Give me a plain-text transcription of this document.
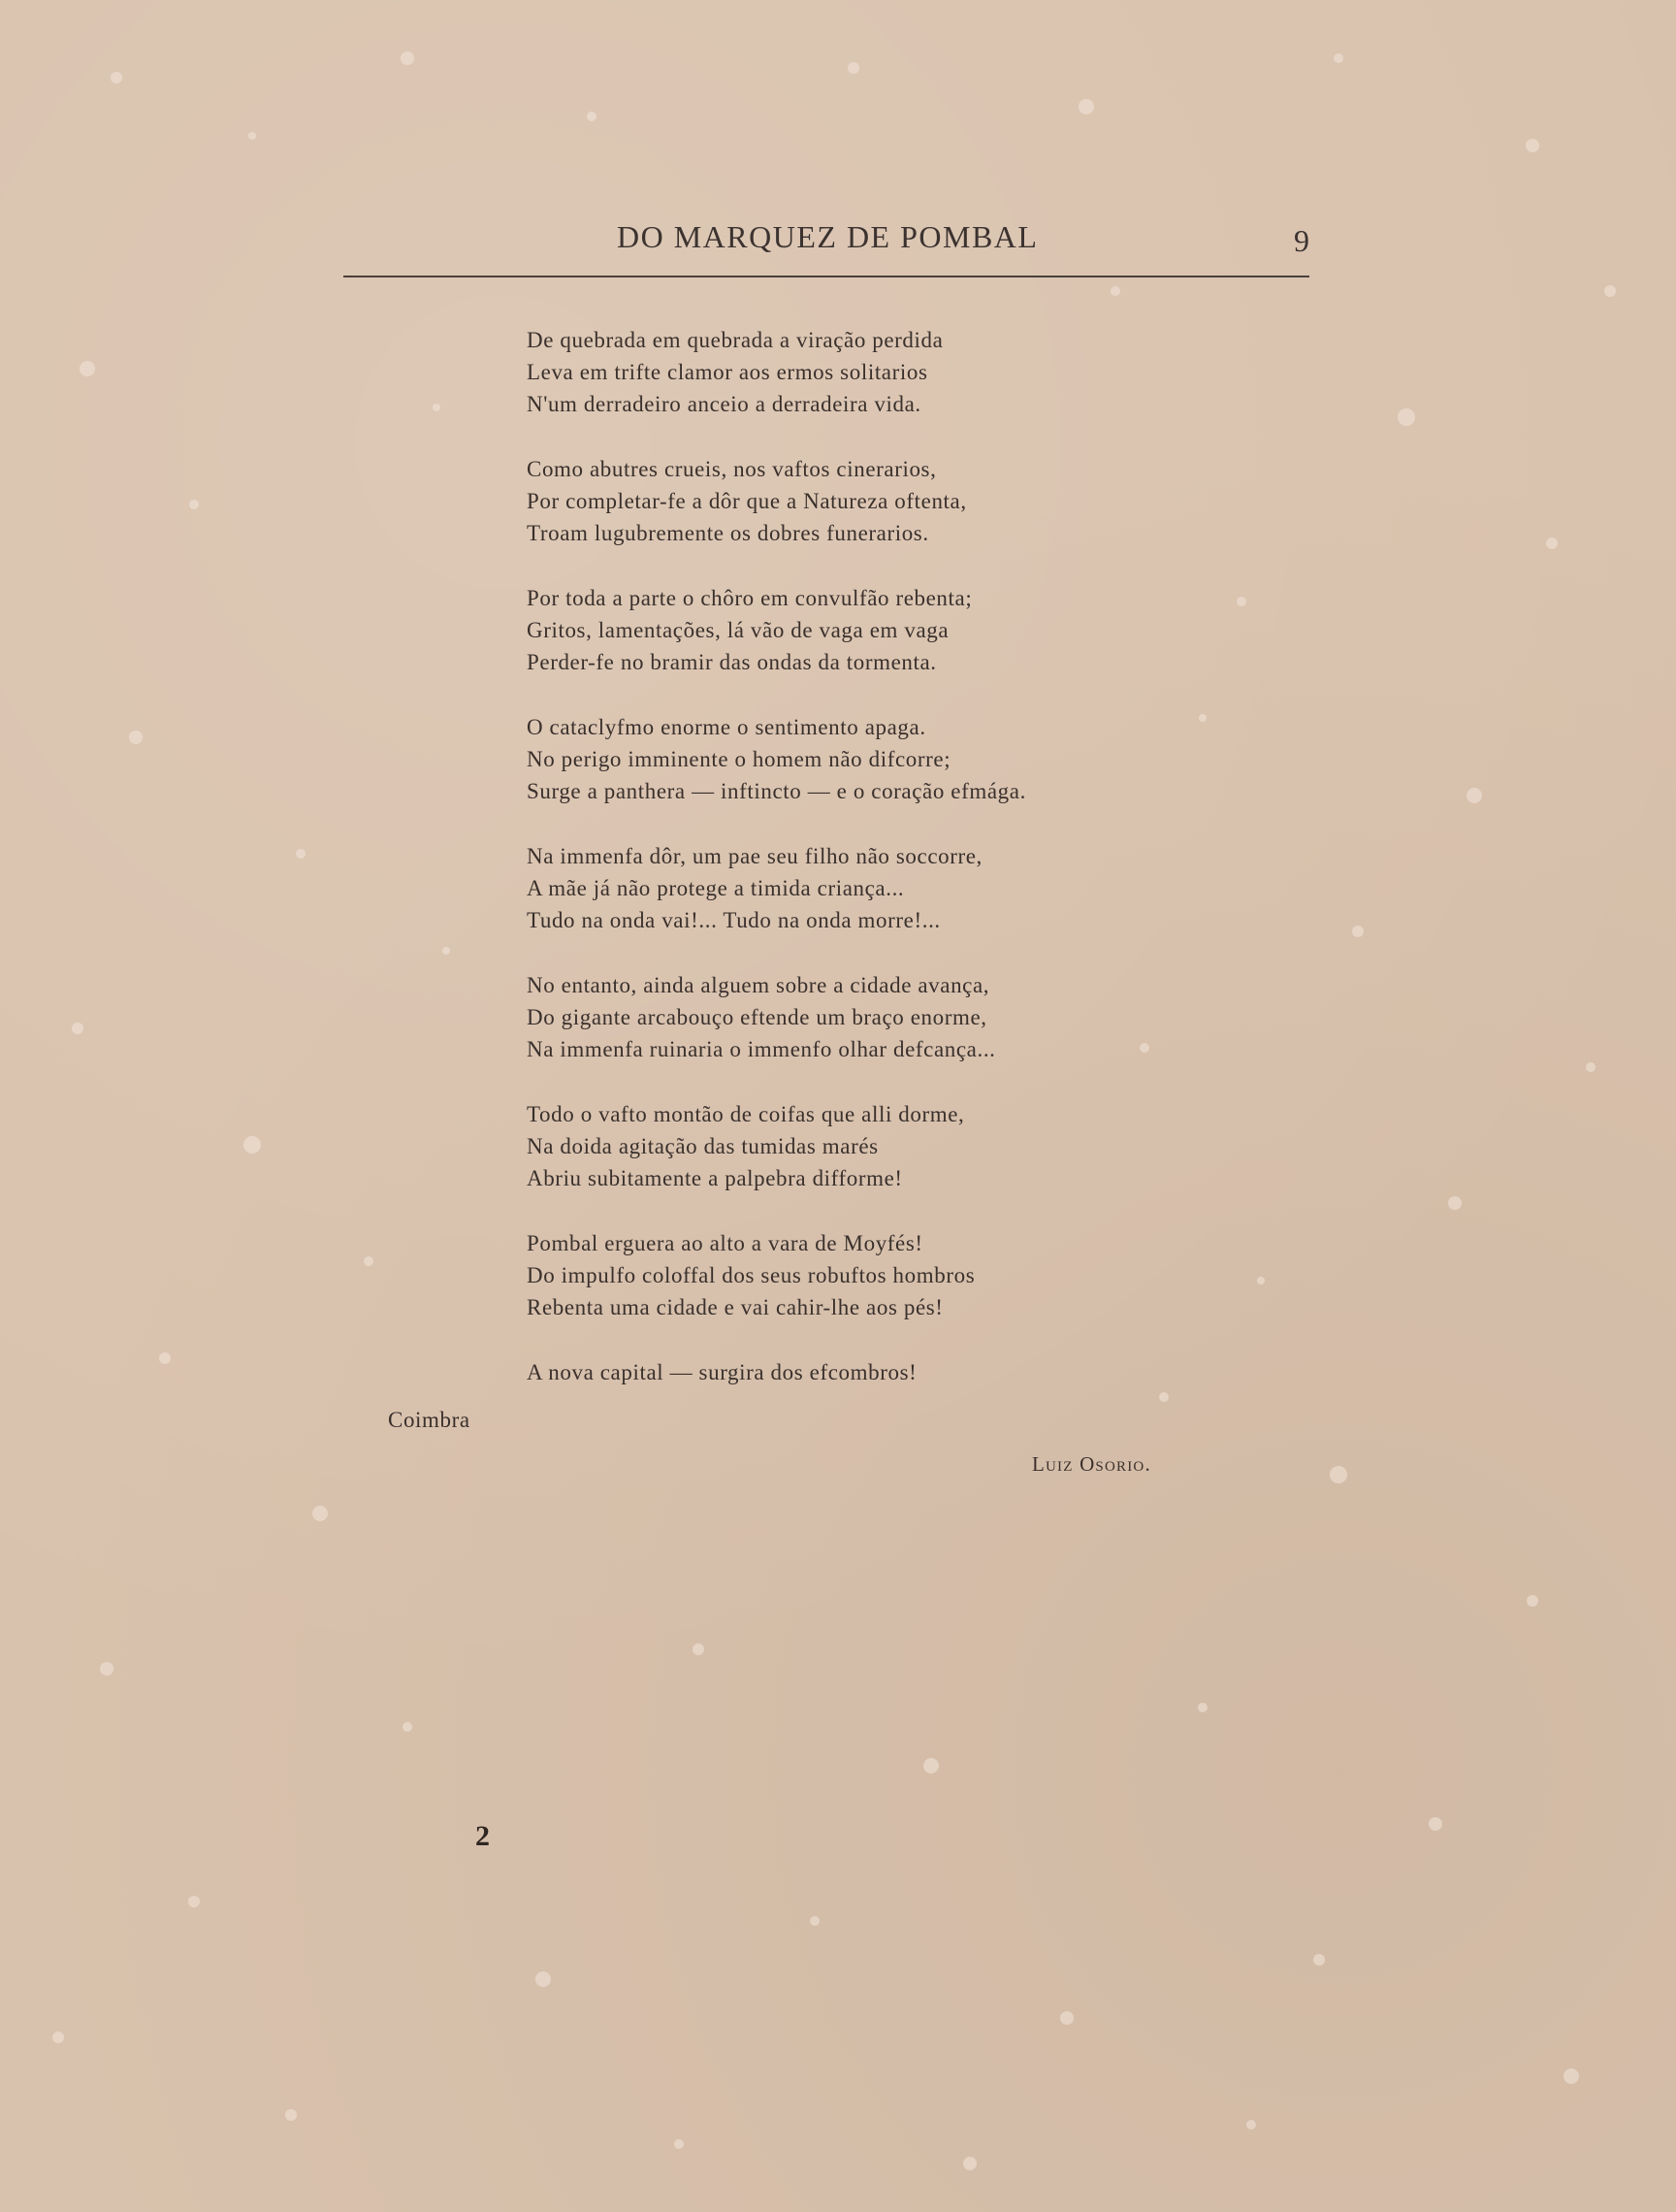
DO MARQUEZ DE POMBAL	9
De quebrada em quebrada a viração perdida
Leva em trifte clamor aos ermos solitarios
N'um derradeiro anceio a derradeira vida.
Como abutres crueis, nos vaftos cinerarios,
Por completar-fe a dôr que a Natureza oftenta,
Troam lugubremente os dobres funerarios.
Por toda a parte o chôro em convulfão rebenta;
Gritos, lamentações, lá vão de vaga em vaga
Perder-fe no bramir das ondas da tormenta.
O cataclyfmo enorme o sentimento apaga.
No perigo imminente o homem não difcorre;
Surge a panthera — inftincto — e o coração efmága.
Na immenfa dôr, um pae seu filho não soccorre,
A mãe já não protege a timida criança...
Tudo na onda vai!... Tudo na onda morre!...
No entanto, ainda alguem sobre a cidade avança,
Do gigante arcabouço eftende um braço enorme,
Na immenfa ruinaria o immenfo olhar defcança...
Todo o vafto montão de coifas que alli dorme,
Na doida agitação das tumidas marés
Abriu subitamente a palpebra difforme!
Pombal erguera ao alto a vara de Moyfés!
Do impulfo coloffal dos seus robuftos hombros
Rebenta uma cidade e vai cahir-lhe aos pés!
A nova capital — surgira dos efcombros!
Coimbra
Luiz Osorio.
2
